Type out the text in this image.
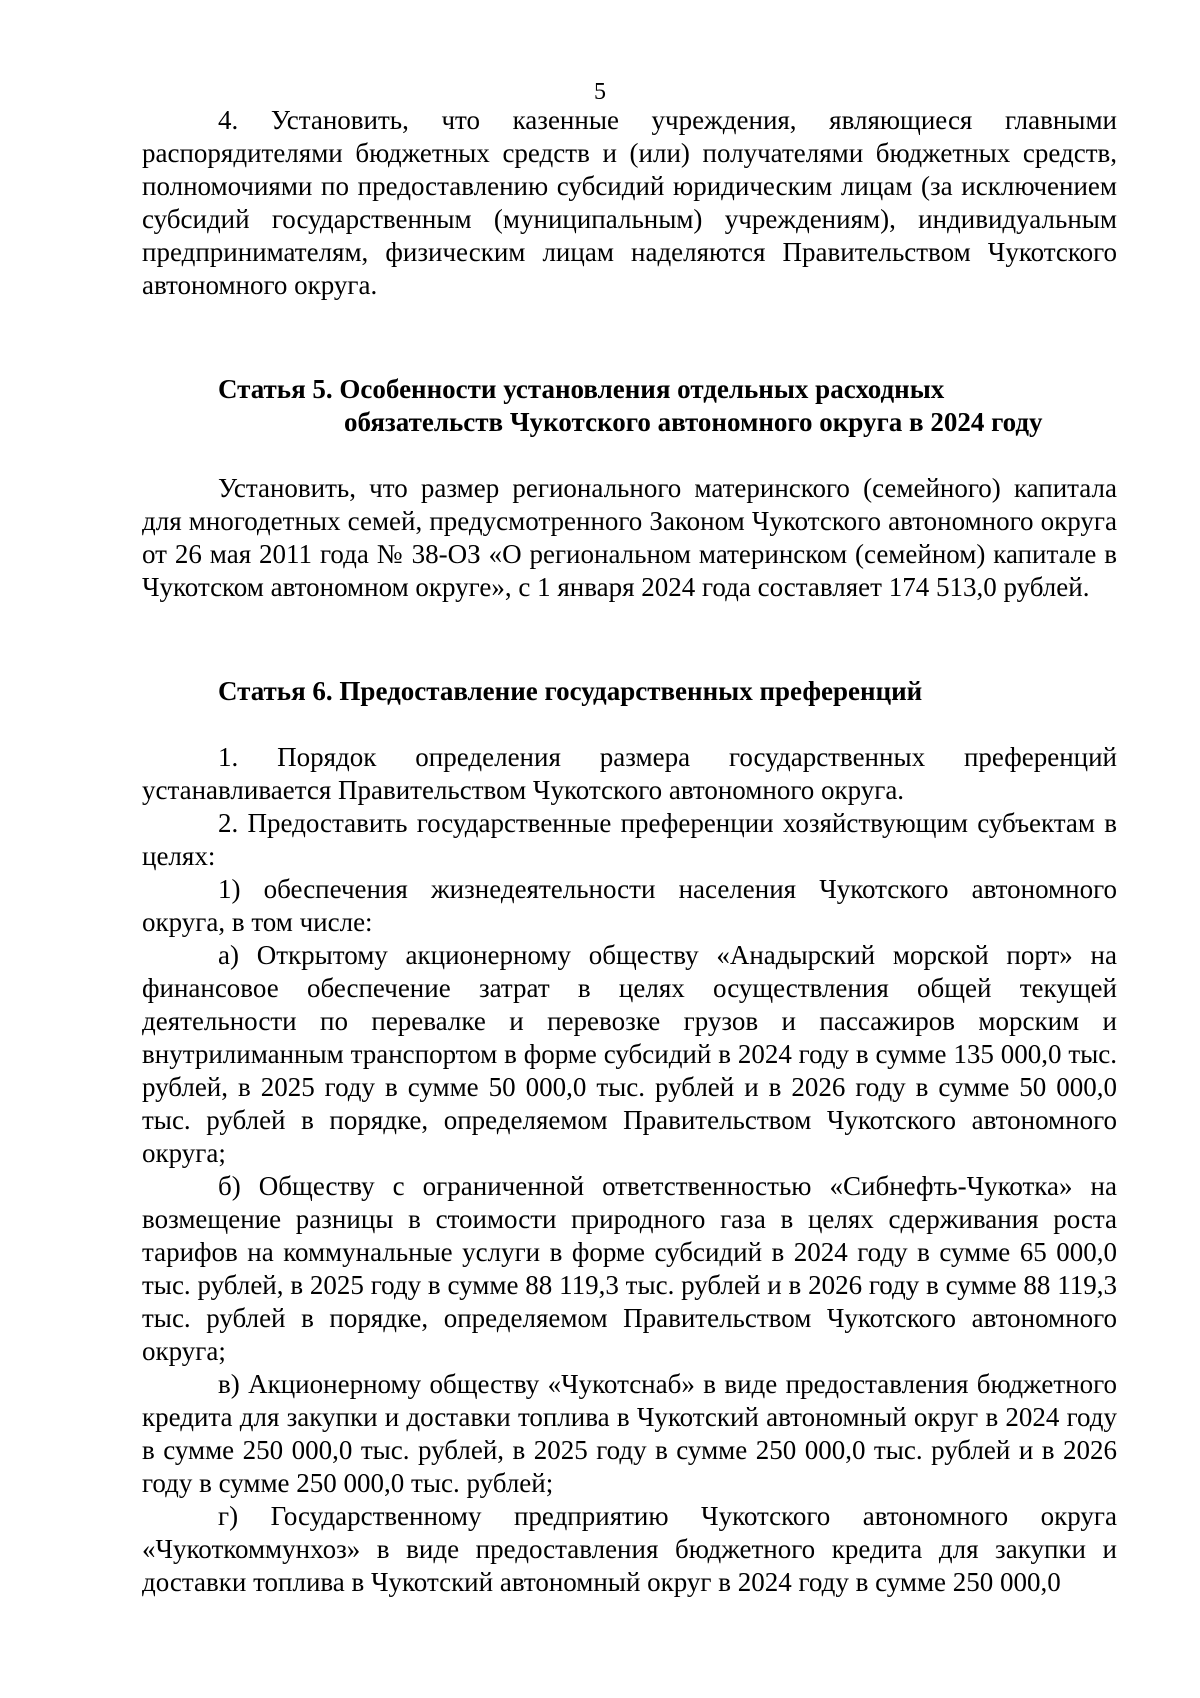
5

4. Установить, что казенные учреждения, являющиеся главными распорядителями бюджетных средств и (или) получателями бюджетных средств, полномочиями по предоставлению субсидий юридическим лицам (за исключением субсидий государственным (муниципальным) учреждениям), индивидуальным предпринимателям, физическим лицам наделяются Правительством Чукотского автономного округа.

Статья 5. Особенности установления отдельных расходных
обязательств Чукотского автономного округа в 2024 году

Установить, что размер регионального материнского (семейного) капитала для многодетных семей, предусмотренного Законом Чукотского автономного округа от 26 мая 2011 года № 38-ОЗ «О региональном материнском (семейном) капитале в Чукотском автономном округе», с 1 января 2024 года составляет 174 513,0 рублей.

Статья 6. Предоставление государственных преференций

1. Порядок определения размера государственных преференций устанавливается Правительством Чукотского автономного округа.

2. Предоставить государственные преференции хозяйствующим субъектам в целях:

1) обеспечения жизнедеятельности населения Чукотского автономного округа, в том числе:

а) Открытому акционерному обществу «Анадырский морской порт» на финансовое обеспечение затрат в целях осуществления общей текущей деятельности по перевалке и перевозке грузов и пассажиров морским и внутрилиманным транспортом в форме субсидий в 2024 году в сумме 135 000,0 тыс. рублей, в 2025 году в сумме 50 000,0 тыс. рублей и в 2026 году в сумме 50 000,0 тыс. рублей в порядке, определяемом Правительством Чукотского автономного округа;

б) Обществу с ограниченной ответственностью «Сибнефть-Чукотка» на возмещение разницы в стоимости природного газа в целях сдерживания роста тарифов на коммунальные услуги в форме субсидий в 2024 году в сумме 65 000,0 тыс. рублей, в 2025 году в сумме 88 119,3 тыс. рублей и в 2026 году в сумме 88 119,3 тыс. рублей в порядке, определяемом Правительством Чукотского автономного округа;

в) Акционерному обществу «Чукотснаб» в виде предоставления бюджетного кредита для закупки и доставки топлива в Чукотский автономный округ в 2024 году в сумме 250 000,0 тыс. рублей, в 2025 году в сумме 250 000,0 тыс. рублей и в 2026 году в сумме 250 000,0 тыс. рублей;

г) Государственному предприятию Чукотского автономного округа «Чукоткоммунхоз» в виде предоставления бюджетного кредита для закупки и доставки топлива в Чукотский автономный округ в 2024 году в сумме 250 000,0
